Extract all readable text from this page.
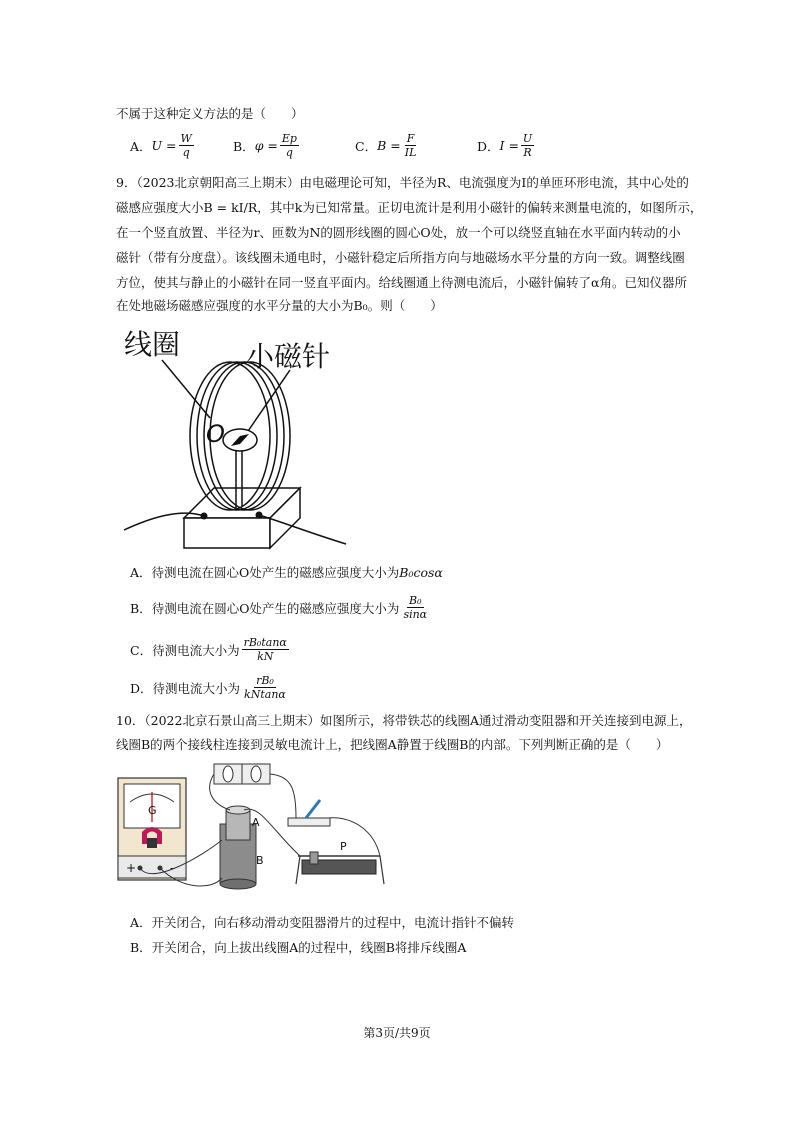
不属于这种定义方法的是（　　）
A． $U = \frac{W}{q}$	B． $\varphi = \frac{Ep}{q}$	C． $B = \frac{F}{IL}$	D． $I = \frac{U}{R}$
9．（2023北京朝阳高三上期末）由电磁理论可知，半径为R、电流强度为I的单匝环形电流，其中心处的
磁感应强度大小B = kI/R，其中k为已知常量。正切电流计是利用小磁针的偏转来测量电流的，如图所示，
在一个竖直放置、半径为r、匝数为N的圆形线圈的圆心O处，放一个可以绕竖直轴在水平面内转动的小
磁针（带有分度盘）。该线圈未通电时，小磁针稳定后所指方向与地磁场水平分量的方向一致。调整线圈
方位，使其与静止的小磁针在同一竖直平面内。给线圈通上待测电流后，小磁针偏转了α角。已知仪器所
在处地磁场磁感应强度的水平分量的大小为B₀。则（　　）
线圈 小磁针
O
A． 待测电流在圆心O处产生的磁感应强度大小为 B₀cosα
B． 待测电流在圆心O处产生的磁感应强度大小为 $\frac{\text{B₀}}{\sin\alpha}$
C． 待测电流大小为 $\frac{\text{rB₀tanα}}{kN}$
D． 待测电流大小为 $\frac{\text{rB₀}}{kNtan\alpha}$
10．（2022北京石景山高三上期末）如图所示，将带铁芯的线圈A通过滑动变阻器和开关连接到电源上，
线圈B的两个接线柱连接到灵敏电流计上，把线圈A静置于线圈B的内部。下列判断正确的是（　　）
G
+	-
A
B
P
A． 开关闭合，向右移动滑动变阻器滑片的过程中，电流计指针不偏转
B． 开关闭合，向上拔出线圈A的过程中，线圈B将排斥线圈A
第3页/共9页
